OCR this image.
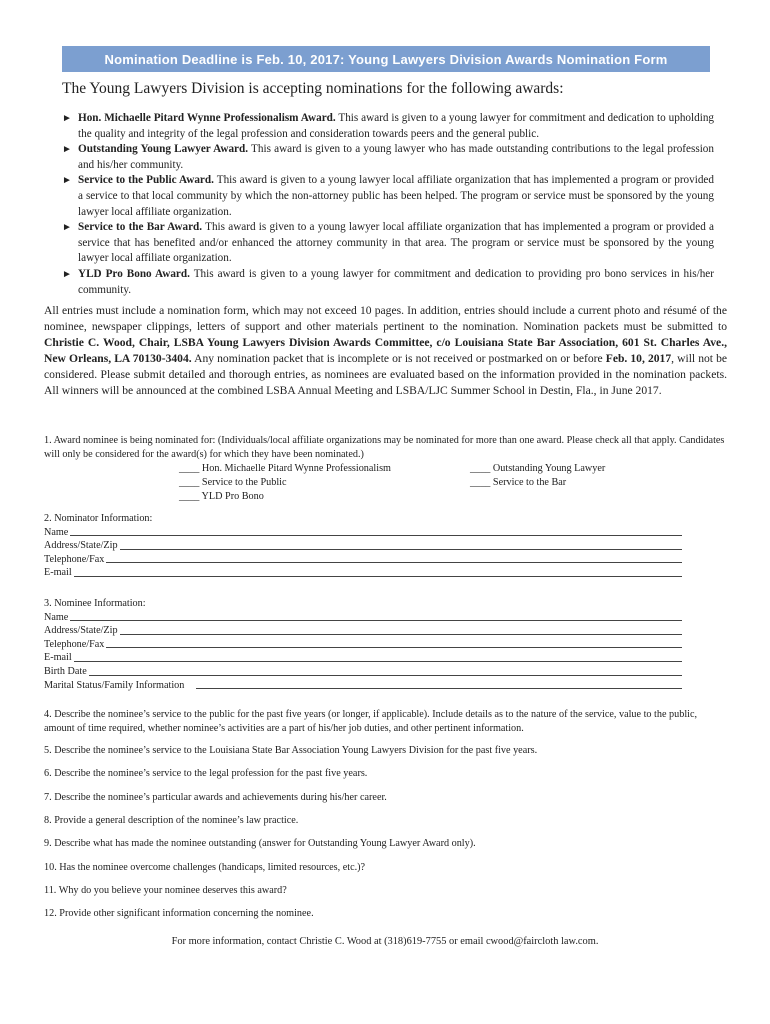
Nomination Deadline is Feb. 10, 2017: Young Lawyers Division Awards Nomination Form
The Young Lawyers Division is accepting nominations for the following awards:
► Hon. Michaelle Pitard Wynne Professionalism Award. This award is given to a young lawyer for commitment and dedication to upholding the quality and integrity of the legal profession and consideration towards peers and the general public.
► Outstanding Young Lawyer Award. This award is given to a young lawyer who has made outstanding contributions to the legal profession and his/her community.
► Service to the Public Award. This award is given to a young lawyer local affiliate organization that has implemented a program or provided a service to that local community by which the non-attorney public has been helped. The program or service must be sponsored by the young lawyer local affiliate organization.
► Service to the Bar Award. This award is given to a young lawyer local affiliate organization that has implemented a program or provided a service that has benefited and/or enhanced the attorney community in that area. The program or service must be sponsored by the young lawyer local affiliate organization.
► YLD Pro Bono Award. This award is given to a young lawyer for commitment and dedication to providing pro bono services in his/her community.
All entries must include a nomination form, which may not exceed 10 pages. In addition, entries should include a current photo and résumé of the nominee, newspaper clippings, letters of support and other materials pertinent to the nomination. Nomination packets must be submitted to Christie C. Wood, Chair, LSBA Young Lawyers Division Awards Committee, c/o Louisiana State Bar Association, 601 St. Charles Ave., New Orleans, LA 70130-3404. Any nomination packet that is incomplete or is not received or postmarked on or before Feb. 10, 2017, will not be considered. Please submit detailed and thorough entries, as nominees are evaluated based on the information provided in the nomination packets. All winners will be announced at the combined LSBA Annual Meeting and LSBA/LJC Summer School in Destin, Fla., in June 2017.
1. Award nominee is being nominated for: (Individuals/local affiliate organizations may be nominated for more than one award. Please check all that apply. Candidates will only be considered for the award(s) for which they have been nominated.)
____ Hon. Michaelle Pitard Wynne Professionalism
____ Service to the Public
____ YLD Pro Bono
____ Outstanding Young Lawyer
____ Service to the Bar
2. Nominator Information:
Name
Address/State/Zip
Telephone/Fax
E-mail
3. Nominee Information:
Name
Address/State/Zip
Telephone/Fax
E-mail
Birth Date
Marital Status/Family Information
4. Describe the nominee’s service to the public for the past five years (or longer, if applicable). Include details as to the nature of the service, value to the public, amount of time required, whether nominee’s activities are a part of his/her job duties, and other pertinent information.
5. Describe the nominee’s service to the Louisiana State Bar Association Young Lawyers Division for the past five years.
6. Describe the nominee’s service to the legal profession for the past five years.
7. Describe the nominee’s particular awards and achievements during his/her career.
8. Provide a general description of the nominee’s law practice.
9. Describe what has made the nominee outstanding (answer for Outstanding Young Lawyer Award only).
10. Has the nominee overcome challenges (handicaps, limited resources, etc.)?
11. Why do you believe your nominee deserves this award?
12. Provide other significant information concerning the nominee.
For more information, contact Christie C. Wood at (318)619-7755 or email cwood@faircloth law.com.
